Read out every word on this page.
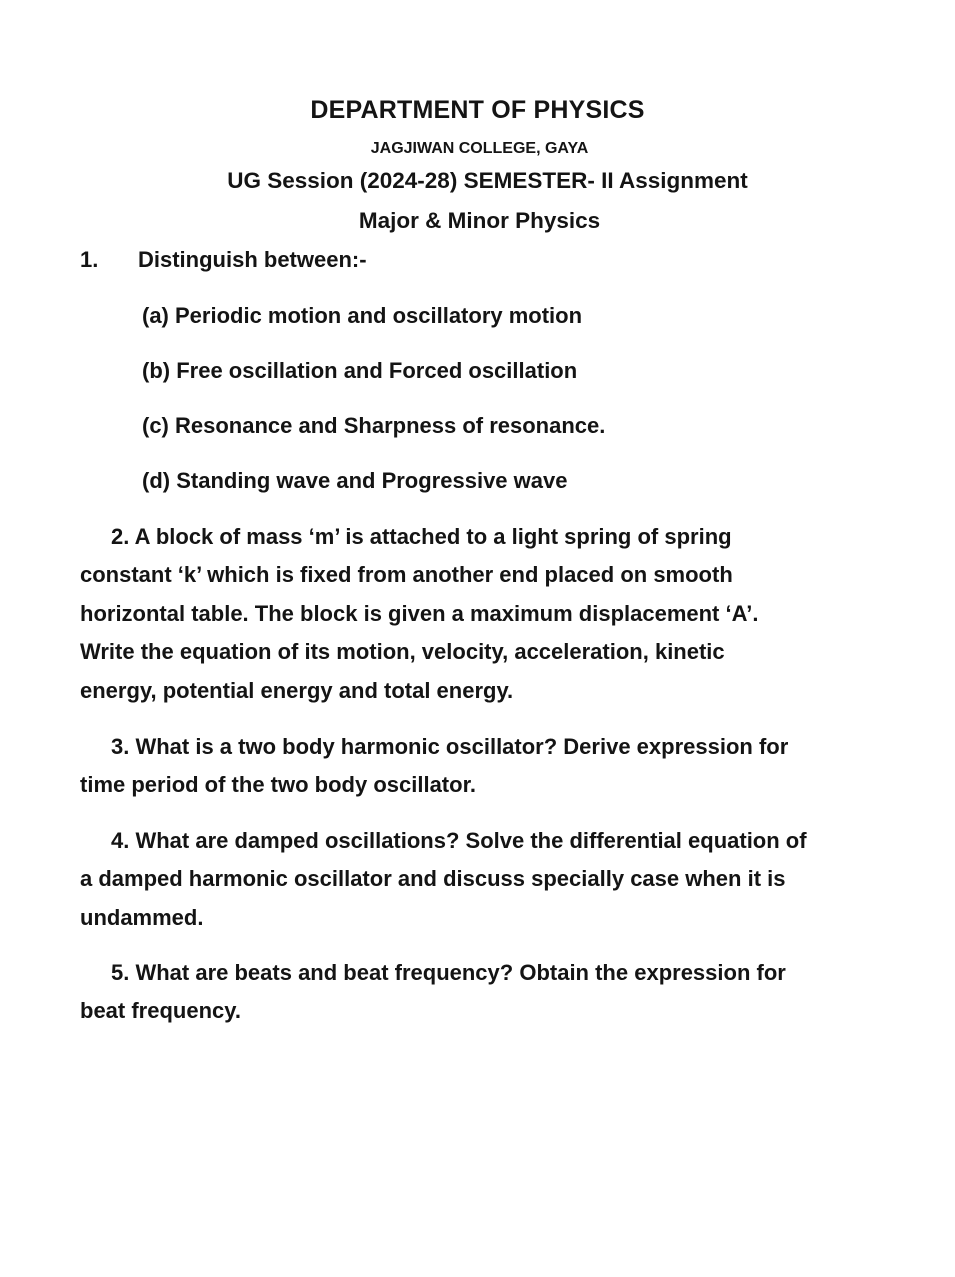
DEPARTMENT OF PHYSICS
JAGJIWAN COLLEGE, GAYA
UG Session (2024-28) SEMESTER- II Assignment
Major & Minor Physics
1. Distinguish between:-
(a) Periodic motion and oscillatory motion
(b) Free oscillation and Forced oscillation
(c) Resonance and Sharpness of resonance.
(d) Standing wave and Progressive wave
2. A block of mass ‘m’ is attached to a light spring of spring
constant ‘k’ which is fixed from another end placed on smooth
horizontal table. The block is given a maximum displacement ‘A’.
Write the equation of its motion, velocity, acceleration, kinetic
energy, potential energy and total energy.
3. What is a two body harmonic oscillator? Derive expression for
time period of the two body oscillator.
4. What are damped oscillations? Solve the differential equation of
a damped harmonic oscillator and discuss specially case when it is
undammed.
5. What are beats and beat frequency? Obtain the expression for
beat frequency.
